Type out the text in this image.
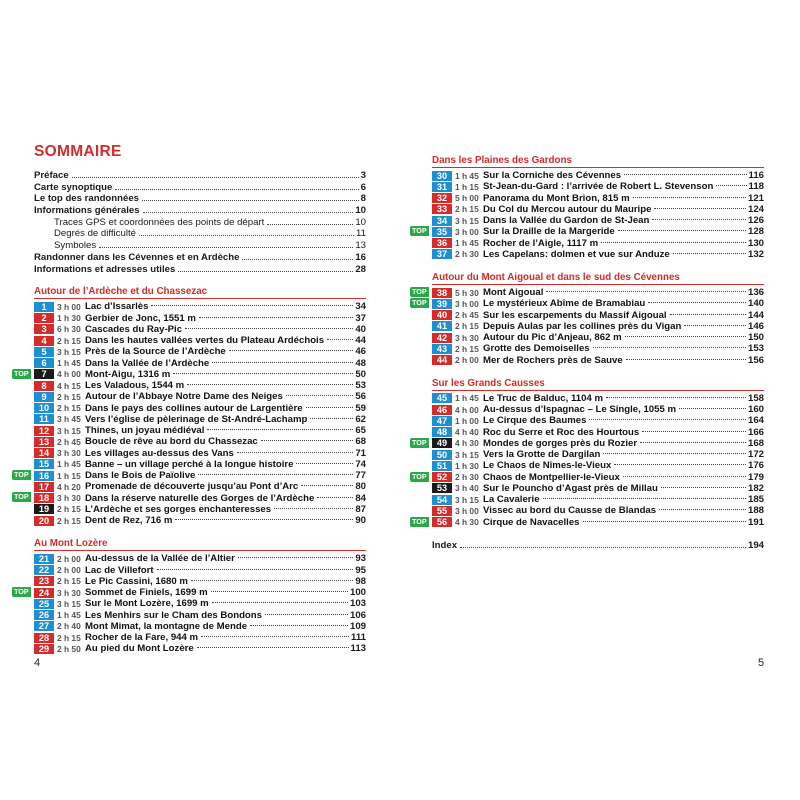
SOMMAIRE
Préface	3
Carte synoptique	6
Le top des randonnées	8
Informations générales	10
Traces GPS et coordonnées des points de départ	10
Degrés de difficulté	11
Symboles	13
Randonner dans les Cévennes et en Ardèche	16
Informations et adresses utiles	28
Autour de l’Ardèche et du Chassezac
1	3 h 00 Lac d’Issarlès	34
2	1 h 30 Gerbier de Jonc, 1551 m	37
3	6 h 30 Cascades du Ray-Pic	40
4	2 h 15 Dans les hautes vallées vertes du Plateau Ardéchois	44
5	3 h 15 Près de la Source de l’Ardèche	46
6	1 h 45 Dans la Vallée de l’Ardèche	48
TOP	7	4 h 00 Mont-Aigu, 1316 m	50
8	4 h 15 Les Valadous, 1544 m	53
9	2 h 15 Autour de l’Abbaye Notre Dame des Neiges	56
10 2 h 15 Dans le pays des collines autour de Largentière	59
11 3 h 45 Vers l’église de pèlerinage de St-André-Lachamp	62
12 3 h 15 Thines, un joyau médiéval	65
13 2 h 45 Boucle de rêve au bord du Chassezac	68
14 3 h 30 Les villages au-dessus des Vans	71
15 1 h 45 Banne – un village perché à la longue histoire	74
TOP	16 1 h 15 Dans le Bois de Païolive	77
17 4 h 20 Promenade de découverte jusqu’au Pont d’Arc	80
TOP	18 3 h 30 Dans la réserve naturelle des Gorges de l’Ardèche	84
19 2 h 15 L’Ardèche et ses gorges enchanteresses	87
20 2 h 15 Dent de Rez, 716 m	90
Au Mont Lozère
21 2 h 00 Au-dessus de la Vallée de l’Altier	93
22 2 h 00 Lac de Villefort	95
23 2 h 15 Le Pic Cassini, 1680 m	98
TOP	24 3 h 30 Sommet de Finiels, 1699 m	100
25 3 h 15 Sur le Mont Lozère, 1699 m	103
26 1 h 45 Les Menhirs sur le Cham des Bondons	106
27 2 h 40 Mont Mimat, la montagne de Mende	109
28 2 h 15 Rocher de la Fare, 944 m	111
29 2 h 50 Au pied du Mont Lozère	113
4
Dans les Plaines des Gardons
30 1 h 45 Sur la Corniche des Cévennes	116
31 1 h 15 St-Jean-du-Gard : l’arrivée de Robert L. Stevenson	118
32 5 h 00 Panorama du Mont Brion, 815 m	121
33 2 h 15 Du Col du Mercou autour du Mauripe	124
34 3 h 15 Dans la Vallée du Gardon de St-Jean	126
TOP	35 3 h 00 Sur la Draille de la Margeride	128
36 1 h 45 Rocher de l’Aigle, 1117 m	130
37 2 h 30 Les Capelans: dolmen et vue sur Anduze	132
Autour du Mont Aigoual et dans le sud des Cévennes
TOP	38 5 h 30 Mont Aigoual	136
TOP	39 3 h 00 Le mystérieux Abîme de Bramabiau	140
40 2 h 45 Sur les escarpements du Massif Aigoual	144
41 2 h 15 Depuis Aulas par les collines près du Vigan	146
42 3 h 30 Autour du Pic d’Anjeau, 862 m	150
43 2 h 15 Grotte des Demoiselles	153
44 2 h 00 Mer de Rochers près de Sauve	156
Sur les Grands Causses
45 1 h 45 Le Truc de Balduc, 1104 m	158
46 4 h 00 Au-dessus d’Ispagnac – Le Single, 1055 m	160
47 1 h 00 Le Cirque des Baumes	164
48 4 h 40 Roc du Serre et Roc des Hourtous	166
TOP	49 4 h 30 Mondes de gorges près du Rozier	168
50 3 h 15 Vers la Grotte de Dargilan	172
51 1 h 30 Le Chaos de Nîmes-le-Vieux	176
TOP	52 2 h 30 Chaos de Montpellier-le-Vieux	179
53 3 h 40 Sur le Pouncho d’Agast près de Millau	182
54 3 h 15 La Cavalerie	185
55 3 h 00 Vissec au bord du Causse de Blandas	188
TOP	56 4 h 30 Cirque de Navacelles	191
Index	194
5
